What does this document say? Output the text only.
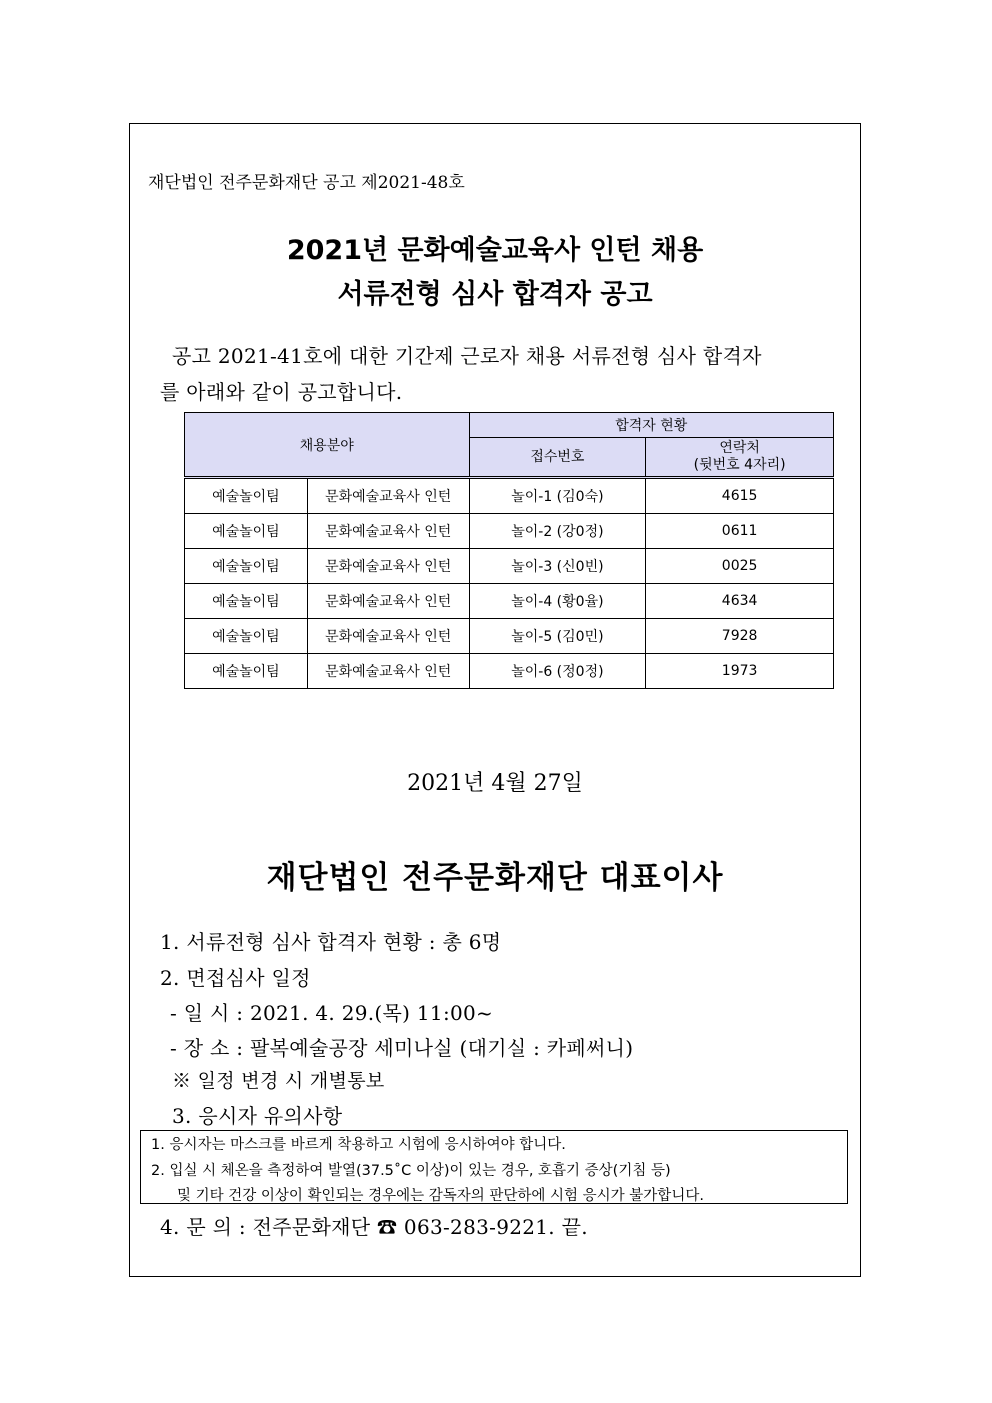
재단법인 전주문화재단 공고 제2021-48호
2021년 문화예술교육사 인턴 채용
서류전형 심사 합격자 공고
공고 2021-41호에 대한 기간제 근로자 채용 서류전형 심사 합격자
를 아래와 같이 공고합니다.
채용분야		합격자 현황	
		접수번호	연락처
(뒷번호 4자리)
예술놀이팀	문화예술교육사 인턴	놀이-1 (김0숙)	4615
예술놀이팀	문화예술교육사 인턴	놀이-2 (강0정)	0611
예술놀이팀	문화예술교육사 인턴	놀이-3 (신0빈)	0025
예술놀이팀	문화예술교육사 인턴	놀이-4 (황0율)	4634
예술놀이팀	문화예술교육사 인턴	놀이-5 (김0민)	7928
예술놀이팀	문화예술교육사 인턴	놀이-6 (정0정)	1973
2021년 4월 27일
재단법인 전주문화재단 대표이사
1. 서류전형 심사 합격자 현황 : 총 6명
2. 면접심사 일정
- 일 시 : 2021. 4. 29.(목) 11:00~
- 장 소 : 팔복예술공장 세미나실 (대기실 : 카페써니)
※ 일정 변경 시 개별통보
3. 응시자 유의사항
1. 응시자는 마스크를 바르게 착용하고 시험에 응시하여야 합니다.
2. 입실 시 체온을 측정하여 발열(37.5˚C 이상)이 있는 경우, 호흡기 증상(기침 등)
및 기타 건강 이상이 확인되는 경우에는 감독자의 판단하에 시험 응시가 불가합니다.
4. 문 의 : 전주문화재단 ☎ 063-283-9221. 끝.
